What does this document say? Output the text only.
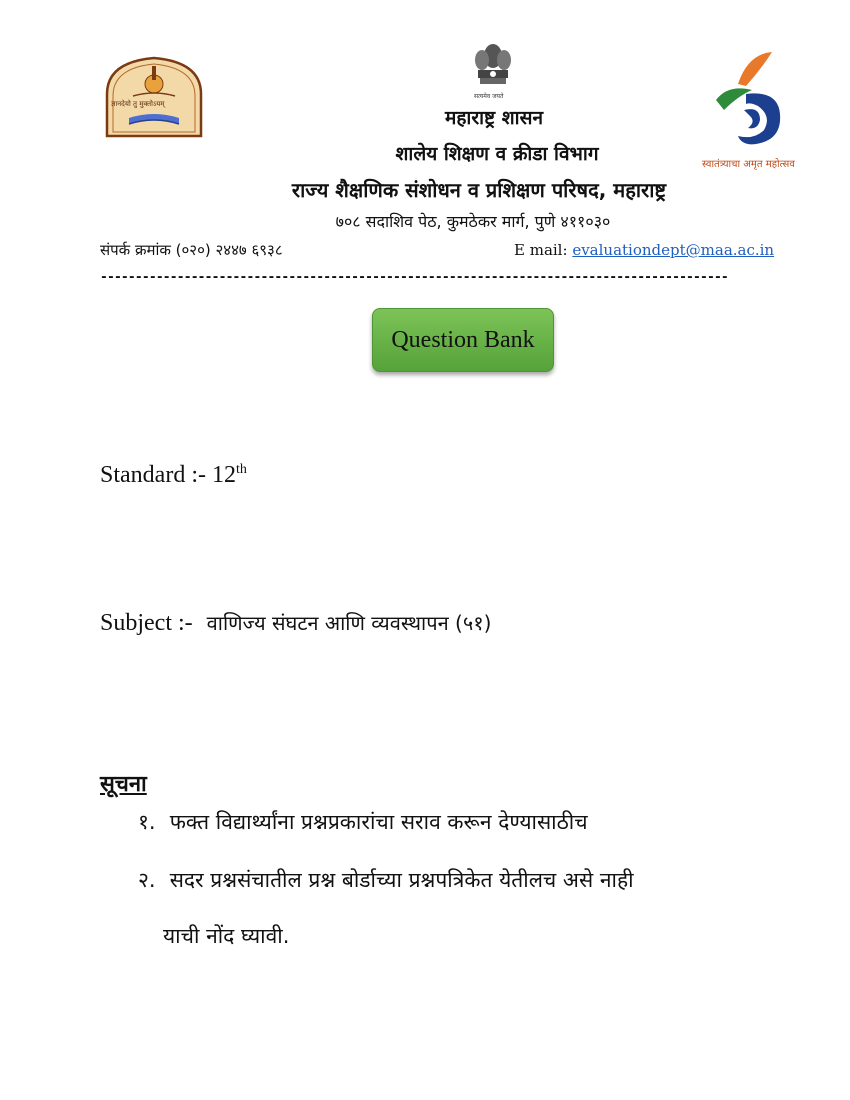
ज्ञानदेयो तु मुक्तोऽयम्
सत्यमेव जयते
स्वातंत्र्याचा अमृत महोत्सव
महाराष्ट्र शासन
शालेय शिक्षण व क्रीडा विभाग
राज्य शैक्षणिक संशोधन व प्रशिक्षण परिषद, महाराष्ट्र
७०८ सदाशिव पेठ, कुमठेकर मार्ग, पुणे ४११०३०
संपर्क क्रमांक (०२०) २४४७ ६९३८	E mail: evaluationdept@maa.ac.in
------------------------------------------------------------------------------------------
Question Bank
Standard :- 12th
Subject :- वाणिज्य संघटन आणि व्यवस्थापन (५१)
सूचना
१. फक्त विद्यार्थ्यांना प्रश्नप्रकारांचा सराव करून देण्यासाठीच
२. सदर प्रश्नसंचातील प्रश्न बोर्डाच्या प्रश्नपत्रिकेत येतीलच असे नाही
याची नोंद घ्यावी.
